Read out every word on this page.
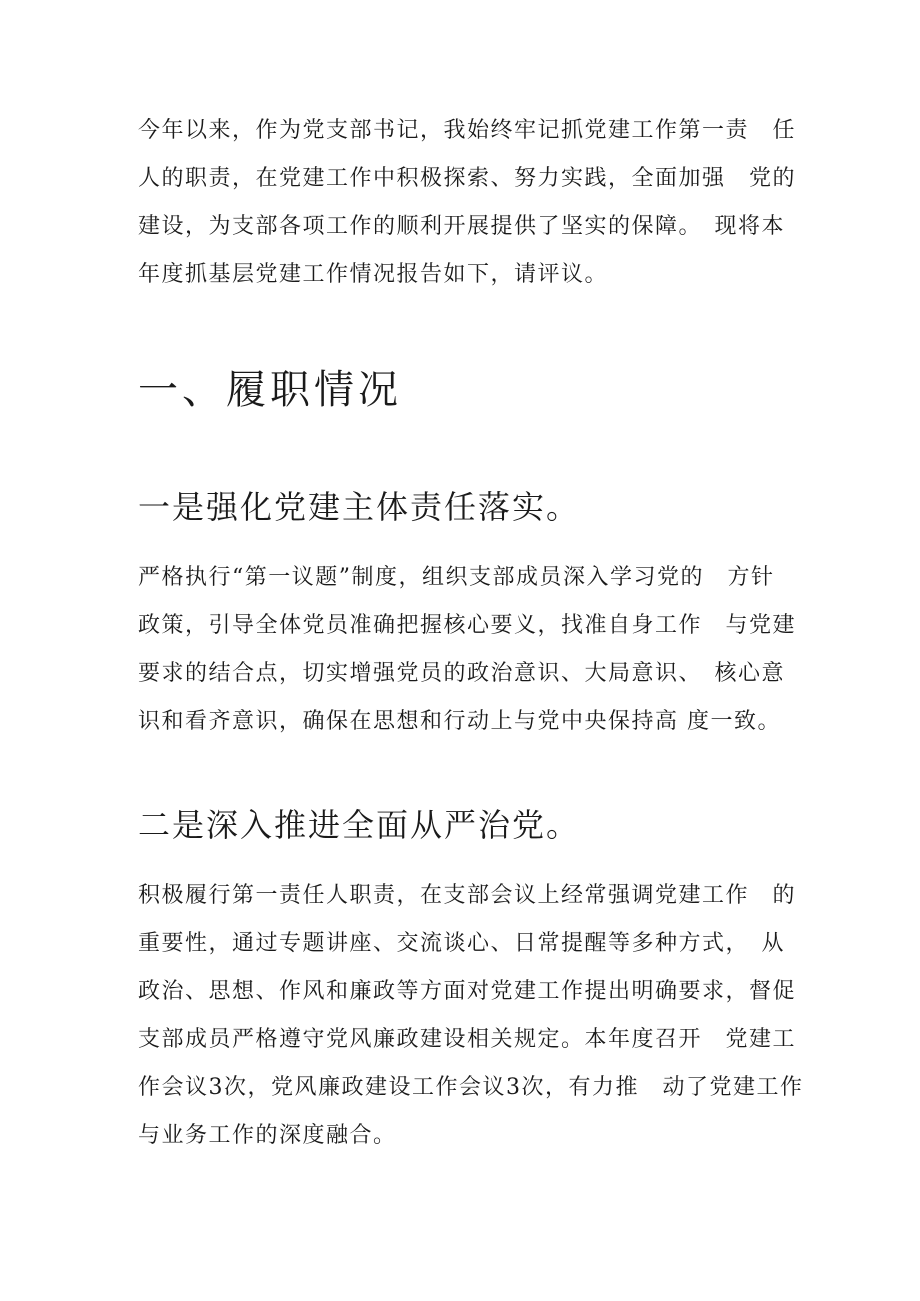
今年以来，作为党支部书记，我始终牢记抓党建工作第一责　任
人的职责，在党建工作中积极探索、努力实践，全面加强　党的
建设，为支部各项工作的顺利开展提供了坚实的保障。　现将本
年度抓基层党建工作情况报告如下，请评议。

一、履职情况
一是强化党建主体责任落实。

严格执行“第一议题”制度，组织支部成员深入学习党的　方针
政策，引导全体党员准确把握核心要义，找准自身工作　与党建
要求的结合点，切实增强党员的政治意识、大局意识、　核心意
识和看齐意识，确保在思想和行动上与党中央保持高 度一致。

二是深入推进全面从严治党。

积极履行第一责任人职责，在支部会议上经常强调党建工作　的
重要性，通过专题讲座、交流谈心、日常提醒等多种方式，　从
政治、思想、作风和廉政等方面对党建工作提出明确要求，督促
支部成员严格遵守党风廉政建设相关规定。本年度召开　党建工
作会议3次，党风廉政建设工作会议3次，有力推　动了党建工作
与业务工作的深度融合。
